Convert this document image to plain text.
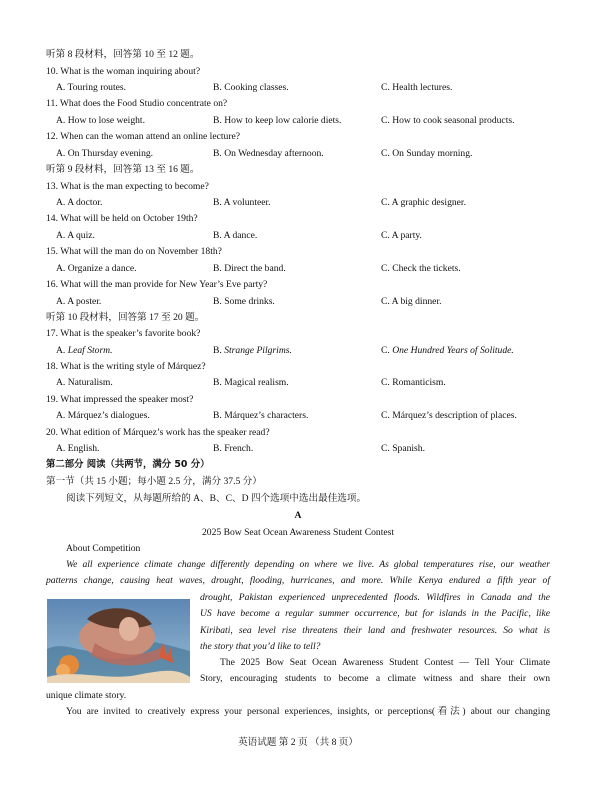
听第 8 段材料，回答第 10 至 12 题。
10. What is the woman inquiring about?
A. Touring routes.	B. Cooking classes.	C. Health lectures.
11. What does the Food Studio concentrate on?
A. How to lose weight.	B. How to keep low calorie diets.	C. How to cook seasonal products.
12. When can the woman attend an online lecture?
A. On Thursday evening.	B. On Wednesday afternoon.	C. On Sunday morning.
听第 9 段材料，回答第 13 至 16 题。
13. What is the man expecting to become?
A. A doctor.	B. A volunteer.	C. A graphic designer.
14. What will be held on October 19th?
A. A quiz.	B. A dance.	C. A party.
15. What will the man do on November 18th?
A. Organize a dance.	B. Direct the band.	C. Check the tickets.
16. What will the man provide for New Year’s Eve party?
A. A poster.	B. Some drinks.	C. A big dinner.
听第 10 段材料，回答第 17 至 20 题。
17. What is the speaker’s favorite book?
A. Leaf Storm.	B. Strange Pilgrims.	C. One Hundred Years of Solitude.
18. What is the writing style of Márquez?
A. Naturalism.	B. Magical realism.	C. Romanticism.
19. What impressed the speaker most?
A. Márquez’s dialogues.	B. Márquez’s characters.	C. Márquez’s description of places.
20. What edition of Márquez’s work has the speaker read?
A. English.	B. French.	C. Spanish.
第二部分 阅读（共两节，满分 50 分）
第一节（共 15 小题；每小题 2.5 分，满分 37.5 分）
阅读下列短文，从每题所给的 A、B、C、D 四个选项中选出最佳选项。
A
2025 Bow Seat Ocean Awareness Student Contest
About Competition
We all experience climate change differently depending on where we live. As global temperatures rise, our weather
patterns change, causing heat waves, drought, flooding, hurricanes, and more. While Kenya endured a fifth year of
drought, Pakistan experienced unprecedented floods. Wildfires in Canada and the
US have become a regular summer occurrence, but for islands in the Pacific, like
Kiribati, sea level rise threatens their land and freshwater resources. So what is
the story that you’d like to tell?
The 2025 Bow Seat Ocean Awareness Student Contest — Tell Your Climate
Story, encouraging students to become a climate witness and share their own
unique climate story.
You are invited to creatively express your personal experiences, insights, or perceptions(看法) about our changing
英语试题 第 2 页 （共 8 页）
